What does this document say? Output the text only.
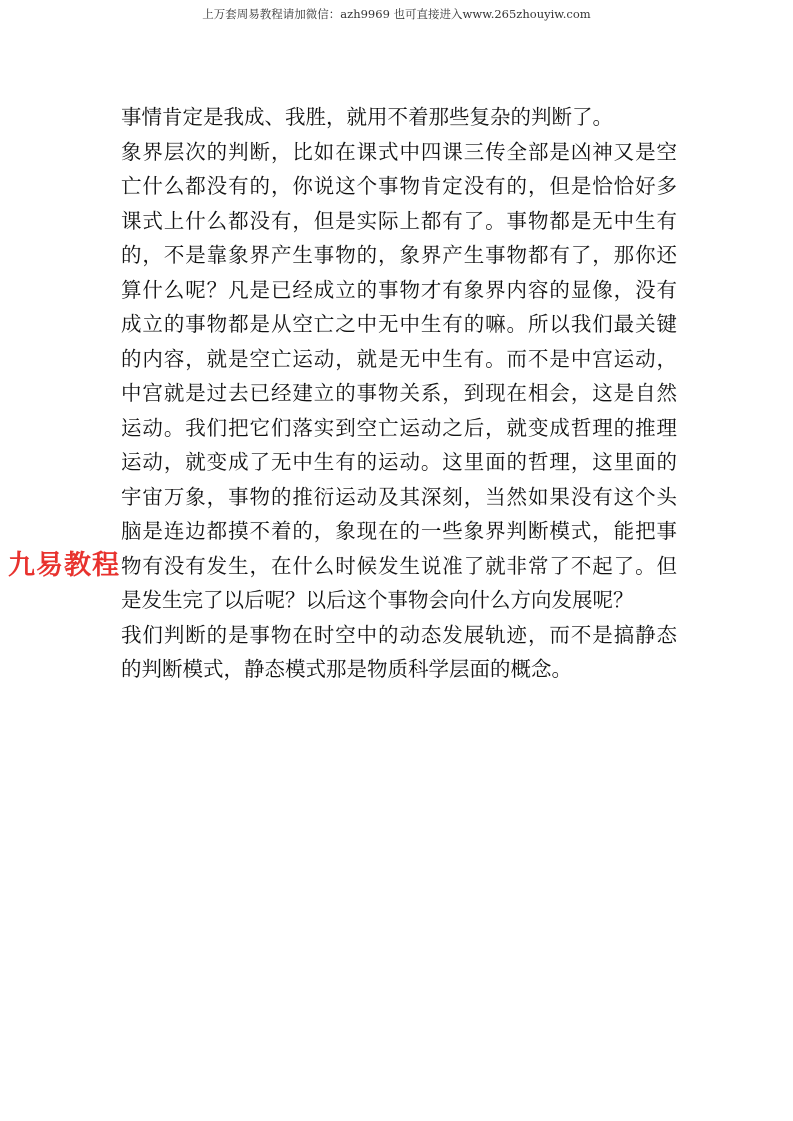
上万套周易教程请加微信：azh9969 也可直接进入www.265zhouyiw.com
事情肯定是我成、我胜，就用不着那些复杂的判断了。
象界层次的判断，比如在课式中四课三传全部是凶神又是空
亡什么都没有的，你说这个事物肯定没有的，但是恰恰好多
课式上什么都没有，但是实际上都有了。事物都是无中生有
的，不是靠象界产生事物的，象界产生事物都有了，那你还
算什么呢？凡是已经成立的事物才有象界内容的显像，没有
成立的事物都是从空亡之中无中生有的嘛。所以我们最关键
的内容，就是空亡运动，就是无中生有。而不是中宫运动，
中宫就是过去已经建立的事物关系，到现在相会，这是自然
运动。我们把它们落实到空亡运动之后，就变成哲理的推理
运动，就变成了无中生有的运动。这里面的哲理，这里面的
宇宙万象，事物的推衍运动及其深刻，当然如果没有这个头
脑是连边都摸不着的，象现在的一些象界判断模式，能把事
物有没有发生，在什么时候发生说准了就非常了不起了。但
是发生完了以后呢？以后这个事物会向什么方向发展呢？
我们判断的是事物在时空中的动态发展轨迹，而不是搞静态
的判断模式，静态模式那是物质科学层面的概念。
九易教程
